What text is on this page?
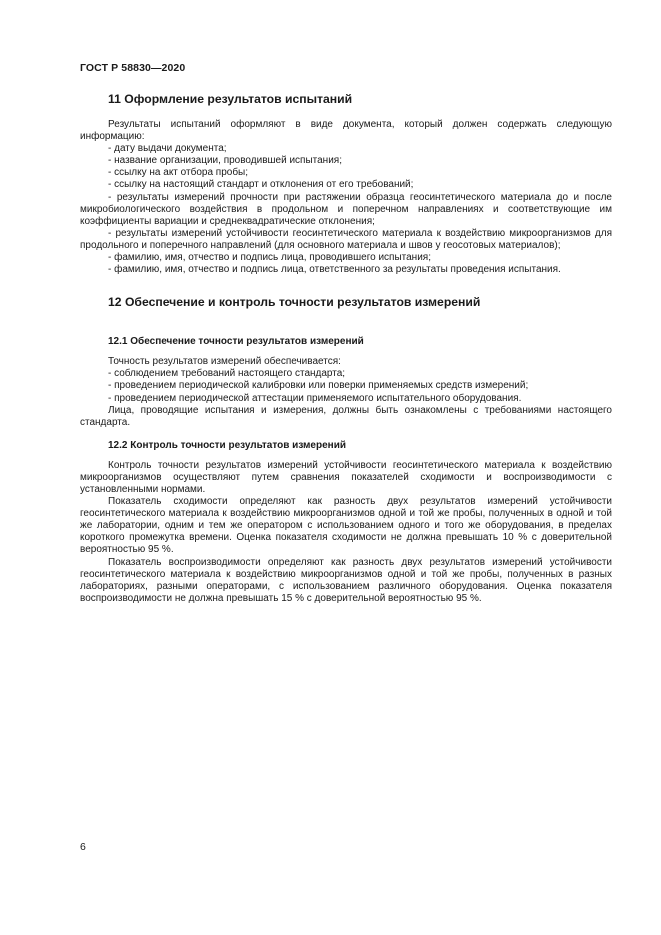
ГОСТ Р 58830—2020
11 Оформление результатов испытаний
Результаты испытаний оформляют в виде документа, который должен содержать следующую информацию:
- дату выдачи документа;
- название организации, проводившей испытания;
- ссылку на акт отбора пробы;
- ссылку на настоящий стандарт и отклонения от его требований;
- результаты измерений прочности при растяжении образца геосинтетического материала до и после микробиологического воздействия в продольном и поперечном направлениях и соответствующие им коэффициенты вариации и среднеквадратические отклонения;
- результаты измерений устойчивости геосинтетического материала к воздействию микроорганизмов для продольного и поперечного направлений (для основного материала и швов у геосотовых материалов);
- фамилию, имя, отчество и подпись лица, проводившего испытания;
- фамилию, имя, отчество и подпись лица, ответственного за результаты проведения испытания.
12 Обеспечение и контроль точности результатов измерений
12.1 Обеспечение точности результатов измерений
Точность результатов измерений обеспечивается:
- соблюдением требований настоящего стандарта;
- проведением периодической калибровки или поверки применяемых средств измерений;
- проведением периодической аттестации применяемого испытательного оборудования.
Лица, проводящие испытания и измерения, должны быть ознакомлены с требованиями настоящего стандарта.
12.2 Контроль точности результатов измерений
Контроль точности результатов измерений устойчивости геосинтетического материала к воздействию микроорганизмов осуществляют путем сравнения показателей сходимости и воспроизводимости с установленными нормами.
Показатель сходимости определяют как разность двух результатов измерений устойчивости геосинтетического материала к воздействию микроорганизмов одной и той же пробы, полученных в одной и той же лаборатории, одним и тем же оператором с использованием одного и того же оборудования, в пределах короткого промежутка времени. Оценка показателя сходимости не должна превышать 10 % с доверительной вероятностью 95 %.
Показатель воспроизводимости определяют как разность двух результатов измерений устойчивости геосинтетического материала к воздействию микроорганизмов одной и той же пробы, полученных в разных лабораториях, разными операторами, с использованием различного оборудования. Оценка показателя воспроизводимости не должна превышать 15 % с доверительной вероятностью 95 %.
6
